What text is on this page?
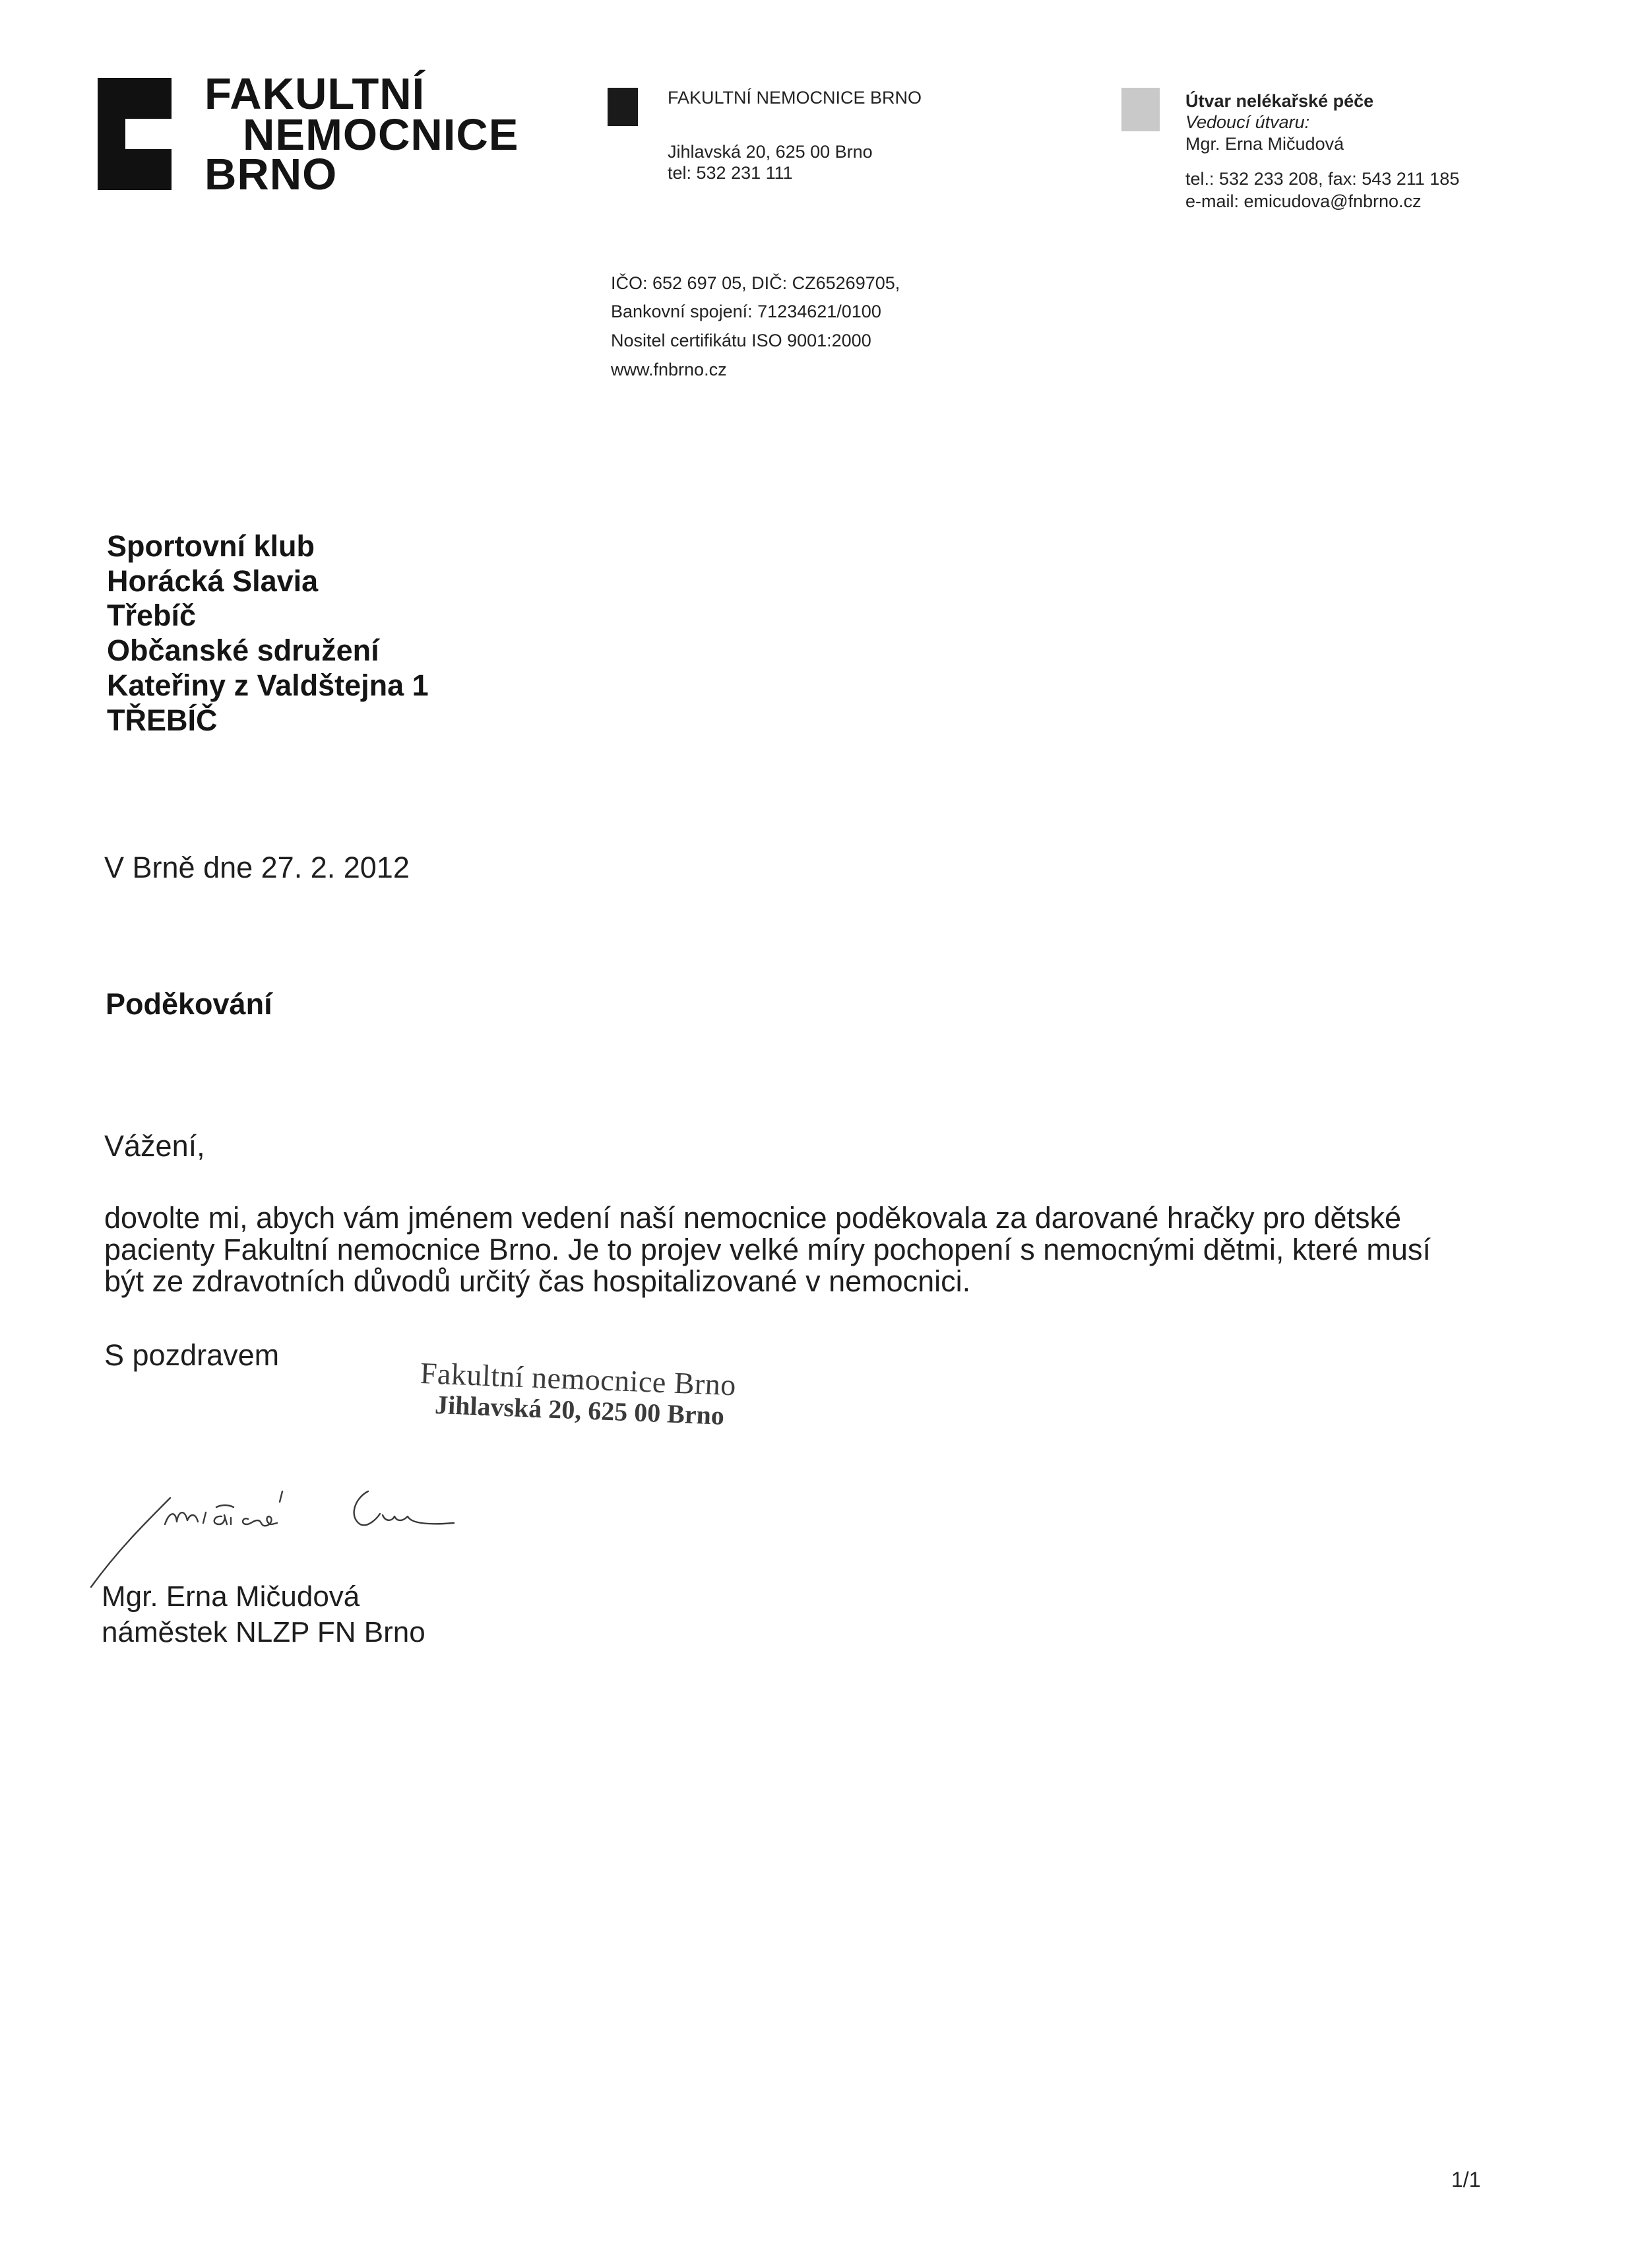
FAKULTNÍ
NEMOCNICE
BRNO
FAKULTNÍ NEMOCNICE BRNO
Jihlavská 20, 625 00 Brno
tel: 532 231 111
Útvar nelékařské péče
Vedoucí útvaru:
Mgr. Erna Mičudová
tel.: 532 233 208, fax: 543 211 185
e-mail: emicudova@fnbrno.cz
IČO: 652 697 05, DIČ: CZ65269705,
Bankovní spojení: 71234621/0100
Nositel certifikátu ISO 9001:2000
www.fnbrno.cz
Sportovní klub
Horácká Slavia
Třebíč
Občanské sdružení
Kateřiny z Valdštejna 1
TŘEBÍČ
V Brně dne 27. 2. 2012
Poděkování
Vážení,

dovolte mi, abych vám jménem vedení naší nemocnice poděkovala za darované hračky pro dětské

pacienty Fakultní nemocnice Brno. Je to projev velké míry pochopení s nemocnými dětmi, které musí

být ze zdravotních důvodů určitý čas hospitalizované v nemocnici.

S pozdravem
Fakultní nemocnice Brno
Jihlavská 20, 625 00 Brno
Mgr. Erna Mičudová
náměstek NLZP FN Brno
1/1
